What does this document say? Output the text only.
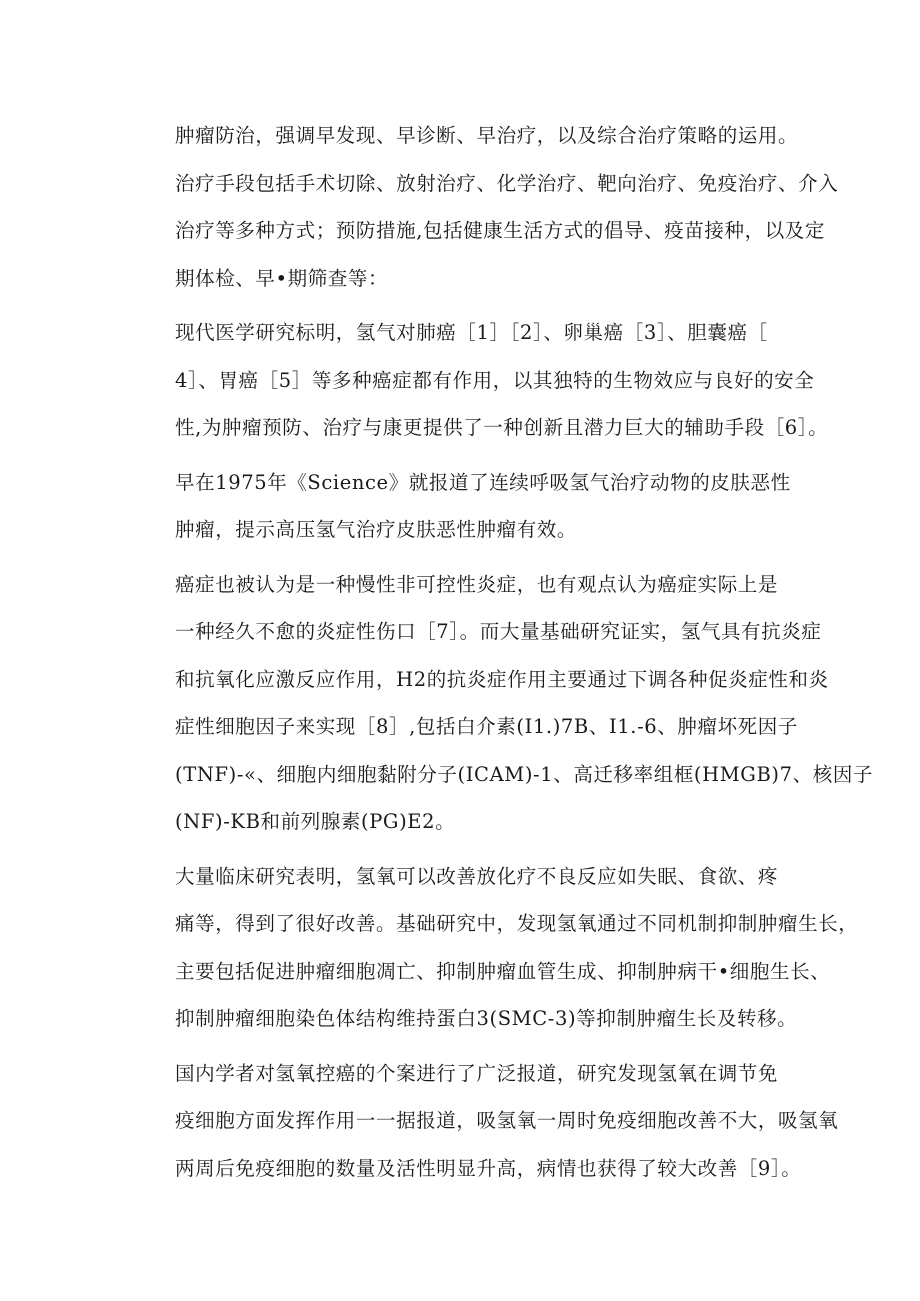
肿瘤防治，强调早发现、早诊断、早治疗，以及综合治疗策略的运用。
治疗手段包括手术切除、放射治疗、化学治疗、靶向治疗、免疫治疗、介入
治疗等多种方式；预防措施,包括健康生活方式的倡导、疫苗接种，以及定
期体检、早•期筛查等：

现代医学研究标明，氢气对肺癌［1］［2］、卵巢癌［3］、胆囊癌［
4］、胃癌［5］等多种癌症都有作用，以其独特的生物效应与良好的安全
性,为肿瘤预防、治疗与康更提供了一种创新且潜力巨大的辅助手段［6］。

早在1975年《Science》就报道了连续呼吸氢气治疗动物的皮肤恶性
肿瘤，提示高压氢气治疗皮肤恶性肿瘤有效。

癌症也被认为是一种慢性非可控性炎症，也有观点认为癌症实际上是
一种经久不愈的炎症性伤口［7］。而大量基础研究证实，氢气具有抗炎症
和抗氧化应激反应作用，H2的抗炎症作用主要通过下调各种促炎症性和炎
症性细胞因子来实现［8］,包括白介素(I1.)7B、I1.-6、肿瘤坏死因子
(TNF)-«、细胞内细胞黏附分子(ICAM)-1、高迁移率组框(HMGB)7、核因子
(NF)-KB和前列腺素(PG)E2。

大量临床研究表明，氢氧可以改善放化疗不良反应如失眠、食欲、疼
痛等，得到了很好改善。基础研究中，发现氢氧通过不同机制抑制肿瘤生长，
主要包括促进肿瘤细胞凋亡、抑制肿瘤血管生成、抑制肿病干•细胞生长、
抑制肿瘤细胞染色体结构维持蛋白3(SMC-3)等抑制肿瘤生长及转移。

国内学者对氢氧控癌的个案进行了广泛报道，研究发现氢氧在调节免
疫细胞方面发挥作用一一据报道，吸氢氧一周时免疫细胞改善不大，吸氢氧
两周后免疫细胞的数量及活性明显升高，病情也获得了较大改善［9］。
